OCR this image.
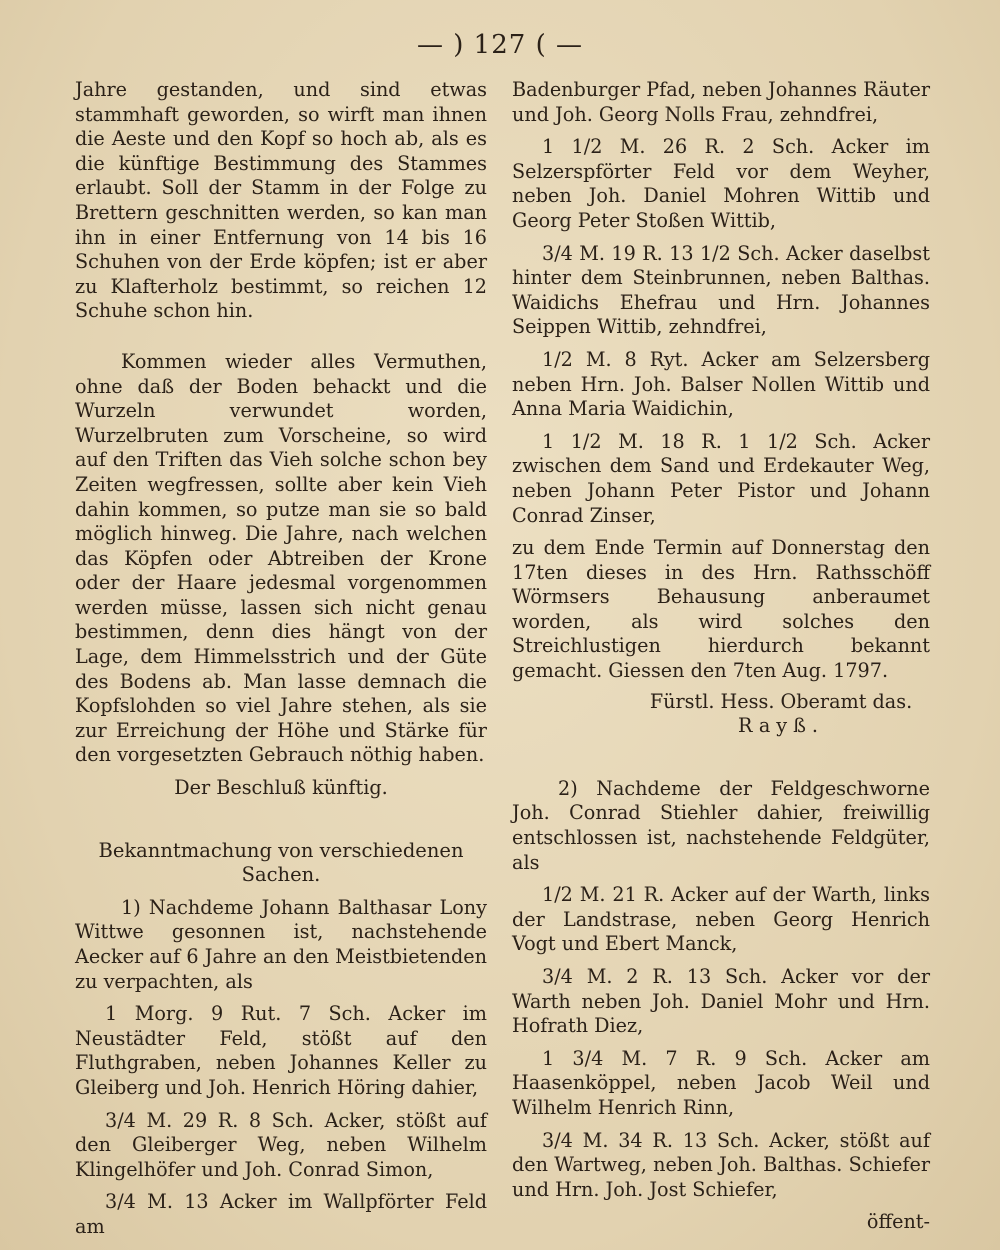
— ) 127 ( —

Jahre gestanden, und sind etwas stammhaft geworden, so wirft man ihnen die Aeste und den Kopf so hoch ab, als es die künftige Bestimmung des Stammes erlaubt. Soll der Stamm in der Folge zu Brettern geschnitten werden, so kan man ihn in einer Entfernung von 14 bis 16 Schuhen von der Erde köpfen; ist er aber zu Klafterholz bestimmt, so reichen 12 Schuhe schon hin.

Kommen wieder alles Vermuthen, ohne daß der Boden behackt und die Wurzeln verwundet worden, Wurzelbruten zum Vorscheine, so wird auf den Triften das Vieh solche schon bey Zeiten wegfressen, sollte aber kein Vieh dahin kommen, so putze man sie so bald möglich hinweg. Die Jahre, nach welchen das Köpfen oder Abtreiben der Krone oder der Haare jedesmal vorgenommen werden müsse, lassen sich nicht genau bestimmen, denn dies hängt von der Lage, dem Himmelsstrich und der Güte des Bodens ab. Man lasse demnach die Kopfslohden so viel Jahre stehen, als sie zur Erreichung der Höhe und Stärke für den vorgesetzten Gebrauch nöthig haben.

Der Beschluß künftig.

Bekanntmachung von verschiedenen Sachen.

1) Nachdeme Johann Balthasar Lony Wittwe gesonnen ist, nachstehende Aecker auf 6 Jahre an den Meistbietenden zu verpachten, als

1 Morg. 9 Rut. 7 Sch. Acker im Neustädter Feld, stößt auf den Fluthgraben, neben Johannes Keller zu Gleiberg und Joh. Henrich Höring dahier,

3/4 M. 29 R. 8 Sch. Acker, stößt auf den Gleiberger Weg, neben Wilhelm Klingelhöfer und Joh. Conrad Simon,

3/4 M. 13 Acker im Wallpförter Feld am

Badenburger Pfad, neben Johannes Räuter und Joh. Georg Nolls Frau, zehndfrei,

1 1/2 M. 26 R. 2 Sch. Acker im Selzerspförter Feld vor dem Weyher, neben Joh. Daniel Mohren Wittib und Georg Peter Stoßen Wittib,

3/4 M. 19 R. 13 1/2 Sch. Acker daselbst hinter dem Steinbrunnen, neben Balthas. Waidichs Ehefrau und Hrn. Johannes Seippen Wittib, zehndfrei,

1/2 M. 8 Ryt. Acker am Selzersberg neben Hrn. Joh. Balser Nollen Wittib und Anna Maria Waidichin,

1 1/2 M. 18 R. 1 1/2 Sch. Acker zwischen dem Sand und Erdekauter Weg, neben Johann Peter Pistor und Johann Conrad Zinser,

zu dem Ende Termin auf Donnerstag den 17ten dieses in des Hrn. Rathsschöff Wörmsers Behausung anberaumet worden, als wird solches den Streichlustigen hierdurch bekannt gemacht. Giessen den 7ten Aug. 1797.

Fürstl. Hess. Oberamt das.

Rayß.

2) Nachdeme der Feldgeschworne Joh. Conrad Stiehler dahier, freiwillig entschlossen ist, nachstehende Feldgüter, als

1/2 M. 21 R. Acker auf der Warth, links der Landstrase, neben Georg Henrich Vogt und Ebert Manck,

3/4 M. 2 R. 13 Sch. Acker vor der Warth neben Joh. Daniel Mohr und Hrn. Hofrath Diez,

1 3/4 M. 7 R. 9 Sch. Acker am Haasenköppel, neben Jacob Weil und Wilhelm Henrich Rinn,

3/4 M. 34 R. 13 Sch. Acker, stößt auf den Wartweg, neben Joh. Balthas. Schiefer und Hrn. Joh. Jost Schiefer,

öffent-
